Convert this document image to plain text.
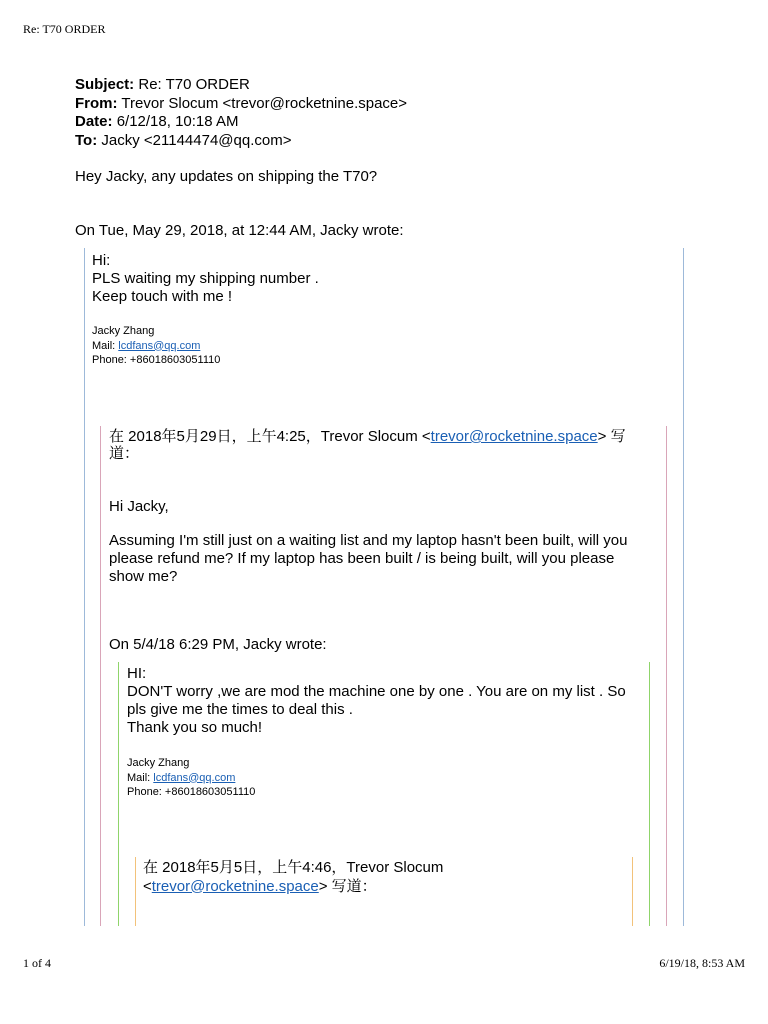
Re: T70 ORDER
1 of 4	6/19/18, 8:53 AM
Subject: Re: T70 ORDER
From: Trevor Slocum <trevor@rocketnine.space>
Date: 6/12/18, 10:18 AM
To: Jacky <21144474@qq.com>
Hey Jacky, any updates on shipping the T70?
On Tue, May 29, 2018, at 12:44 AM, Jacky wrote:
Hi:
PLS waiting my shipping number .
Keep touch with me !
Jacky Zhang
Mail: lcdfans@qq.com
Phone: +86018603051110
在 2018年5月29日，上午4:25，Trevor Slocum <trevor@rocketnine.space> 写
道：
Hi Jacky,
Assuming I'm still just on a waiting list and my laptop hasn't been built, will you please refund me? If my laptop has been built / is being built, will you please show me?
On 5/4/18 6:29 PM, Jacky wrote:
HI:
DON'T worry ,we are mod the machine one by one . You are on my list . So pls give me the times to deal this .
Thank you so much!
Jacky Zhang
Mail: lcdfans@qq.com
Phone: +86018603051110
在 2018年5月5日，上午4:46，Trevor Slocum
<trevor@rocketnine.space> 写道：
